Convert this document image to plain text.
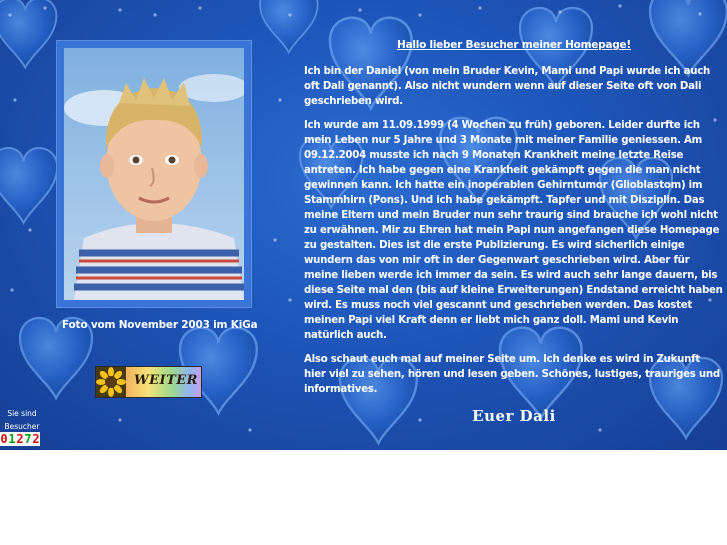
Foto vom November 2003 im KiGa
WEITER
Sie sind
Besucher
0 1 2 7 2
Hallo lieber Besucher meiner Homepage!

Ich bin der Daniel (von mein Bruder Kevin, Mami und Papi wurde ich auch oft Dali genannt). Also nicht wundern wenn auf dieser Seite oft von Dali geschrieben wird.

Ich wurde am 11.09.1999 (4 Wochen zu früh) geboren. Leider durfte ich mein Leben nur 5 Jahre und 3 Monate mit meiner Familie geniessen. Am 09.12.2004 musste ich nach 9 Monaten Krankheit meine letzte Reise antreten. Ich habe gegen eine Krankheit gekämpft gegen die man nicht gewinnen kann. Ich hatte ein inoperablen Gehirntumor (Glioblastom) im Stammhirn (Pons). Und ich habe gekämpft. Tapfer und mit Disziplin. Das meine Eltern und mein Bruder nun sehr traurig sind brauche ich wohl nicht zu erwähnen. Mir zu Ehren hat mein Papi nun angefangen diese Homepage zu gestalten. Dies ist die erste Publizierung. Es wird sicherlich einige wundern das von mir oft in der Gegenwart geschrieben wird. Aber für meine lieben werde ich immer da sein. Es wird auch sehr lange dauern, bis diese Seite mal den (bis auf kleine Erweiterungen) Endstand erreicht haben wird. Es muss noch viel gescannt und geschrieben werden. Das kostet meinen Papi viel Kraft denn er liebt mich ganz doll. Mami und Kevin natürlich auch.

Also schaut euch mal auf meiner Seite um. Ich denke es wird in Zukunft hier viel zu sehen, hören und lesen geben. Schönes, lustiges, trauriges und informatives.

Euer Dali
